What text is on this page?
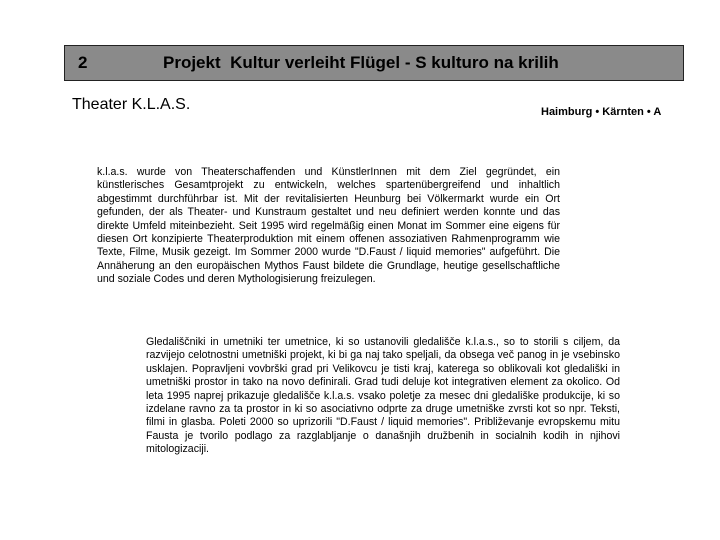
2	Projekt  Kultur verleiht Flügel - S kulturo na krilih
Theater K.L.A.S.	Haimburg • Kärnten • A
k.l.a.s. wurde von Theaterschaffenden und KünstlerInnen mit dem Ziel gegründet, ein künstlerisches Gesamtprojekt zu entwickeln, welches spartenübergreifend und inhaltlich abgestimmt durchführbar ist. Mit der revitalisierten Heunburg bei Völkermarkt wurde ein Ort gefunden, der als Theater- und Kunstraum gestaltet und neu definiert werden konnte und das direkte Umfeld miteinbezieht. Seit 1995 wird regelmäßig einen Monat im Sommer eine eigens für diesen Ort konzipierte Theaterproduktion mit einem offenen assoziativen Rahmenprogramm wie Texte, Filme, Musik gezeigt. Im Sommer 2000 wurde "D.Faust / liquid memories" aufgeführt. Die Annäherung an den europäischen Mythos Faust bildete die Grundlage, heutige gesellschaftliche und soziale Codes und deren Mythologisierung freizulegen.
Gledališčniki in umetniki ter umetnice, ki so ustanovili gledališče k.l.a.s., so to storili s ciljem, da razvijejo celotnostni umetniški projekt, ki bi ga naj tako speljali, da obsega več panog in je vsebinsko usklajen. Popravljeni vovbrški grad pri Velikovcu je tisti kraj, katerega so oblikovali kot gledališki in umetniški prostor in tako na novo definirali. Grad tudi deluje kot integrativen element za okolico. Od leta 1995 naprej prikazuje gledališče k.l.a.s. vsako poletje za mesec dni gledališke produkcije, ki so izdelane ravno za ta prostor in ki so asociativno odprte za druge umetniške zvrsti kot so npr. Teksti, filmi in glasba. Poleti 2000 so uprizorili "D.Faust / liquid memories". Približevanje evropskemu mitu Fausta je tvorilo podlago za razglabljanje o današnjih družbenih in socialnih kodih in njihovi mitologizaciji.
